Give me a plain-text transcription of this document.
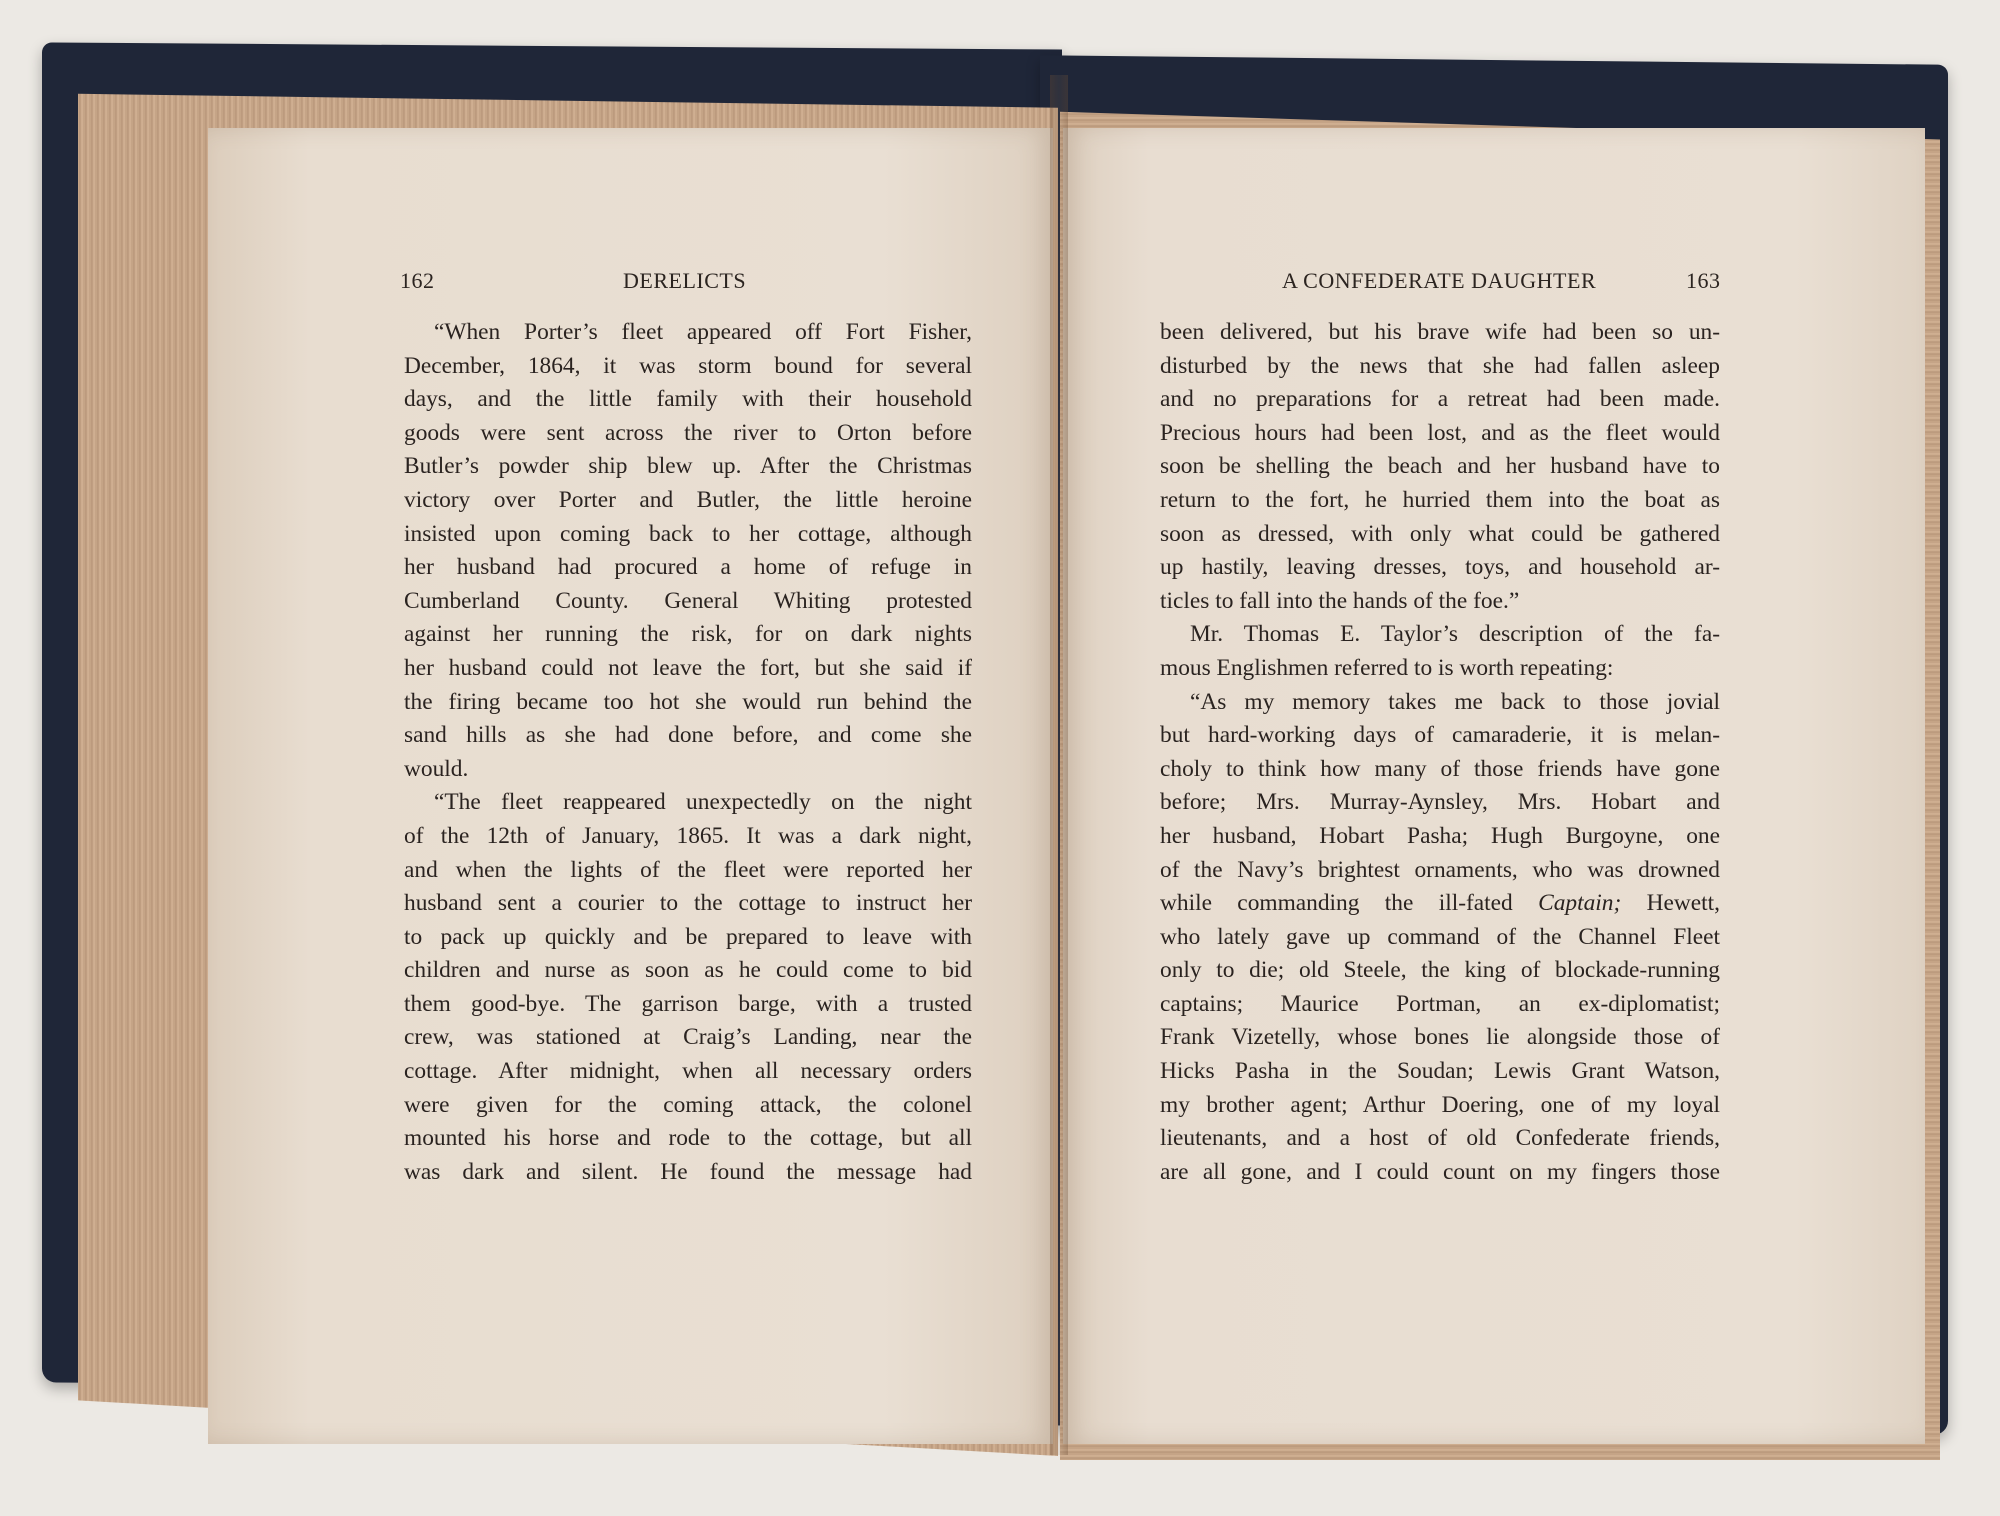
162	DERELICTS	A CONFEDERATE DAUGHTER	163
“When Porter’s fleet appeared off Fort Fisher,
December, 1864, it was storm bound for several
days, and the little family with their household
goods were sent across the river to Orton before
Butler’s powder ship blew up. After the Christmas
victory over Porter and Butler, the little heroine
insisted upon coming back to her cottage, although
her husband had procured a home of refuge in
Cumberland County. General Whiting protested
against her running the risk, for on dark nights
her husband could not leave the fort, but she said if
the firing became too hot she would run behind the
sand hills as she had done before, and come she
would.
“The fleet reappeared unexpectedly on the night
of the 12th of January, 1865. It was a dark night,
and when the lights of the fleet were reported her
husband sent a courier to the cottage to instruct her
to pack up quickly and be prepared to leave with
children and nurse as soon as he could come to bid
them good-bye. The garrison barge, with a trusted
crew, was stationed at Craig’s Landing, near the
cottage. After midnight, when all necessary orders
were given for the coming attack, the colonel
mounted his horse and rode to the cottage, but all
was dark and silent. He found the message had
been delivered, but his brave wife had been so un-
disturbed by the news that she had fallen asleep
and no preparations for a retreat had been made.
Precious hours had been lost, and as the fleet would
soon be shelling the beach and her husband have to
return to the fort, he hurried them into the boat as
soon as dressed, with only what could be gathered
up hastily, leaving dresses, toys, and household ar-
ticles to fall into the hands of the foe.”
Mr. Thomas E. Taylor’s description of the fa-
mous Englishmen referred to is worth repeating:
“As my memory takes me back to those jovial
but hard-working days of camaraderie, it is melan-
choly to think how many of those friends have gone
before; Mrs. Murray-Aynsley, Mrs. Hobart and
her husband, Hobart Pasha; Hugh Burgoyne, one
of the Navy’s brightest ornaments, who was drowned
while commanding the ill-fated Captain; Hewett,
who lately gave up command of the Channel Fleet
only to die; old Steele, the king of blockade-running
captains; Maurice Portman, an ex-diplomatist;
Frank Vizetelly, whose bones lie alongside those of
Hicks Pasha in the Soudan; Lewis Grant Watson,
my brother agent; Arthur Doering, one of my loyal
lieutenants, and a host of old Confederate friends,
are all gone, and I could count on my fingers those
